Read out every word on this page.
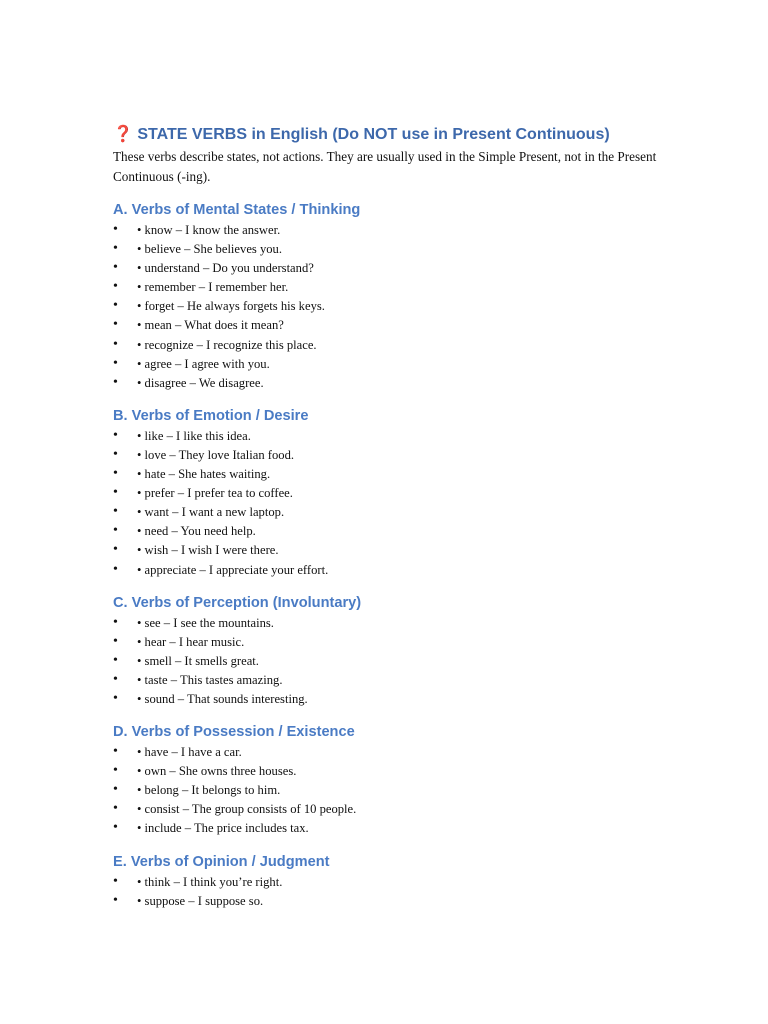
❓ STATE VERBS in English (Do NOT use in Present Continuous)

These verbs describe states, not actions. They are usually used in the Simple Present, not in the Present Continuous (-ing).

A. Verbs of Mental States / Thinking
• • know – I know the answer.
• • believe – She believes you.
• • understand – Do you understand?
• • remember – I remember her.
• • forget – He always forgets his keys.
• • mean – What does it mean?
• • recognize – I recognize this place.
• • agree – I agree with you.
• • disagree – We disagree.
B. Verbs of Emotion / Desire
• • like – I like this idea.
• • love – They love Italian food.
• • hate – She hates waiting.
• • prefer – I prefer tea to coffee.
• • want – I want a new laptop.
• • need – You need help.
• • wish – I wish I were there.
• • appreciate – I appreciate your effort.
C. Verbs of Perception (Involuntary)
• • see – I see the mountains.
• • hear – I hear music.
• • smell – It smells great.
• • taste – This tastes amazing.
• • sound – That sounds interesting.
D. Verbs of Possession / Existence
• • have – I have a car.
• • own – She owns three houses.
• • belong – It belongs to him.
• • consist – The group consists of 10 people.
• • include – The price includes tax.
E. Verbs of Opinion / Judgment
• • think – I think you’re right.
• • suppose – I suppose so.
